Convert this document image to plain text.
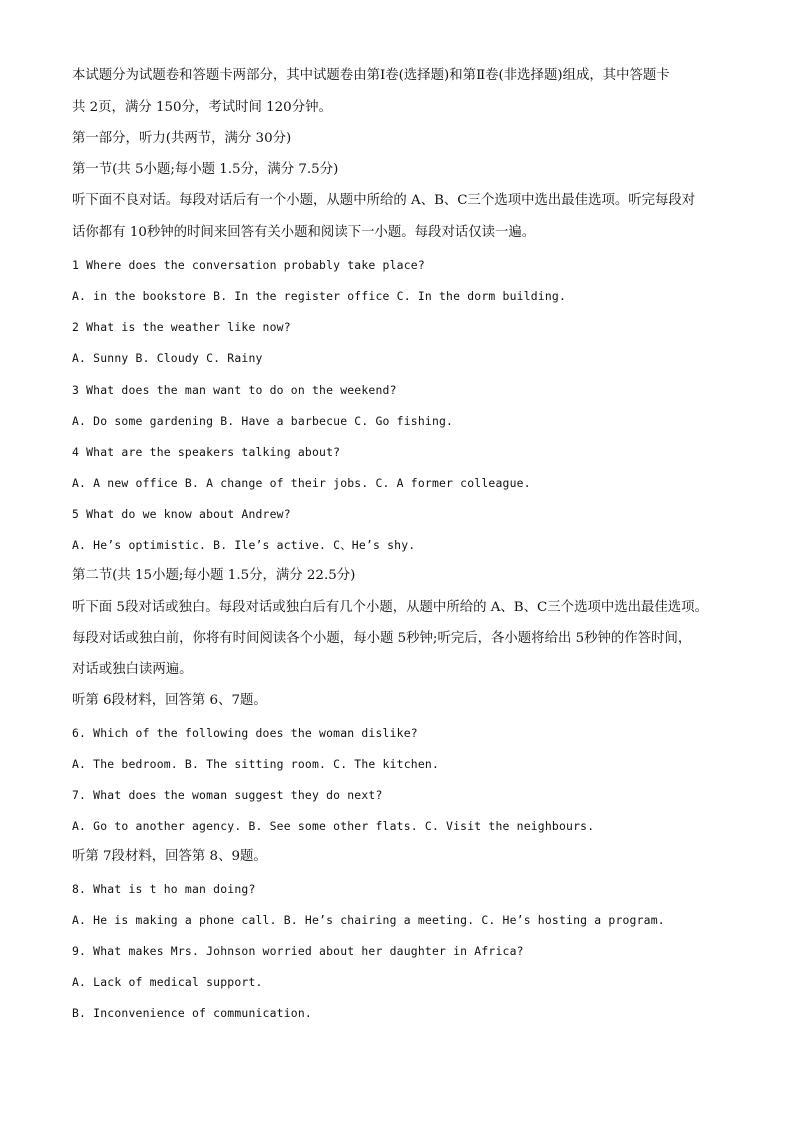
本试题分为试题卷和答题卡两部分，其中试题卷由第Ⅰ卷(选择题)和第Ⅱ卷(非选择题)组成，其中答题卡
共 2页，满分 150分，考试时间 120分钟。
第一部分，听力(共两节，满分 30分)
第一节(共 5小题;每小题 1.5分，满分 7.5分)
听下面不良对话。每段对话后有一个小题，从题中所给的 A、B、C三个选项中选出最佳选项。听完每段对
话你都有 10秒钟的时间来回答有关小题和阅读下一小题。每段对话仅读一遍。
1 Where does the conversation probably take place?
A. in the bookstore B. In the register office C. In the dorm building.
2 What is the weather like now?
A. Sunny B. Cloudy C. Rainy
3 What does the man want to do on the weekend?
A. Do some gardening B. Have a barbecue C. Go fishing.
4 What are the speakers talking about?
A. A new office B. A change of their jobs. C. A former colleague.
5 What do we know about Andrew?
A. He’s optimistic. B. Ile’s active. C、He’s shy.
第二节(共 15小题;每小题 1.5分，满分 22.5分)
听下面 5段对话或独白。每段对话或独白后有几个小题，从题中所给的 A、B、C三个选项中选出最佳选项。
每段对话或独白前，你将有时间阅读各个小题，每小题 5秒钟;听完后，各小题将给出 5秒钟的作答时间，
对话或独白读两遍。
听第 6段材料，回答第 6、7题。
6. Which of the following does the woman dislike?
A. The bedroom. B. The sitting room. C. The kitchen.
7. What does the woman suggest they do next?
A. Go to another agency. B. See some other flats. C. Visit the neighbours.
听第 7段材料，回答第 8、9题。
8. What is t ho man doing?
A. He is making a phone call. B. He’s chairing a meeting. C. He’s hosting a program.
9. What makes Mrs. Johnson worried about her daughter in Africa?
A. Lack of medical support.
B. Inconvenience of communication.
